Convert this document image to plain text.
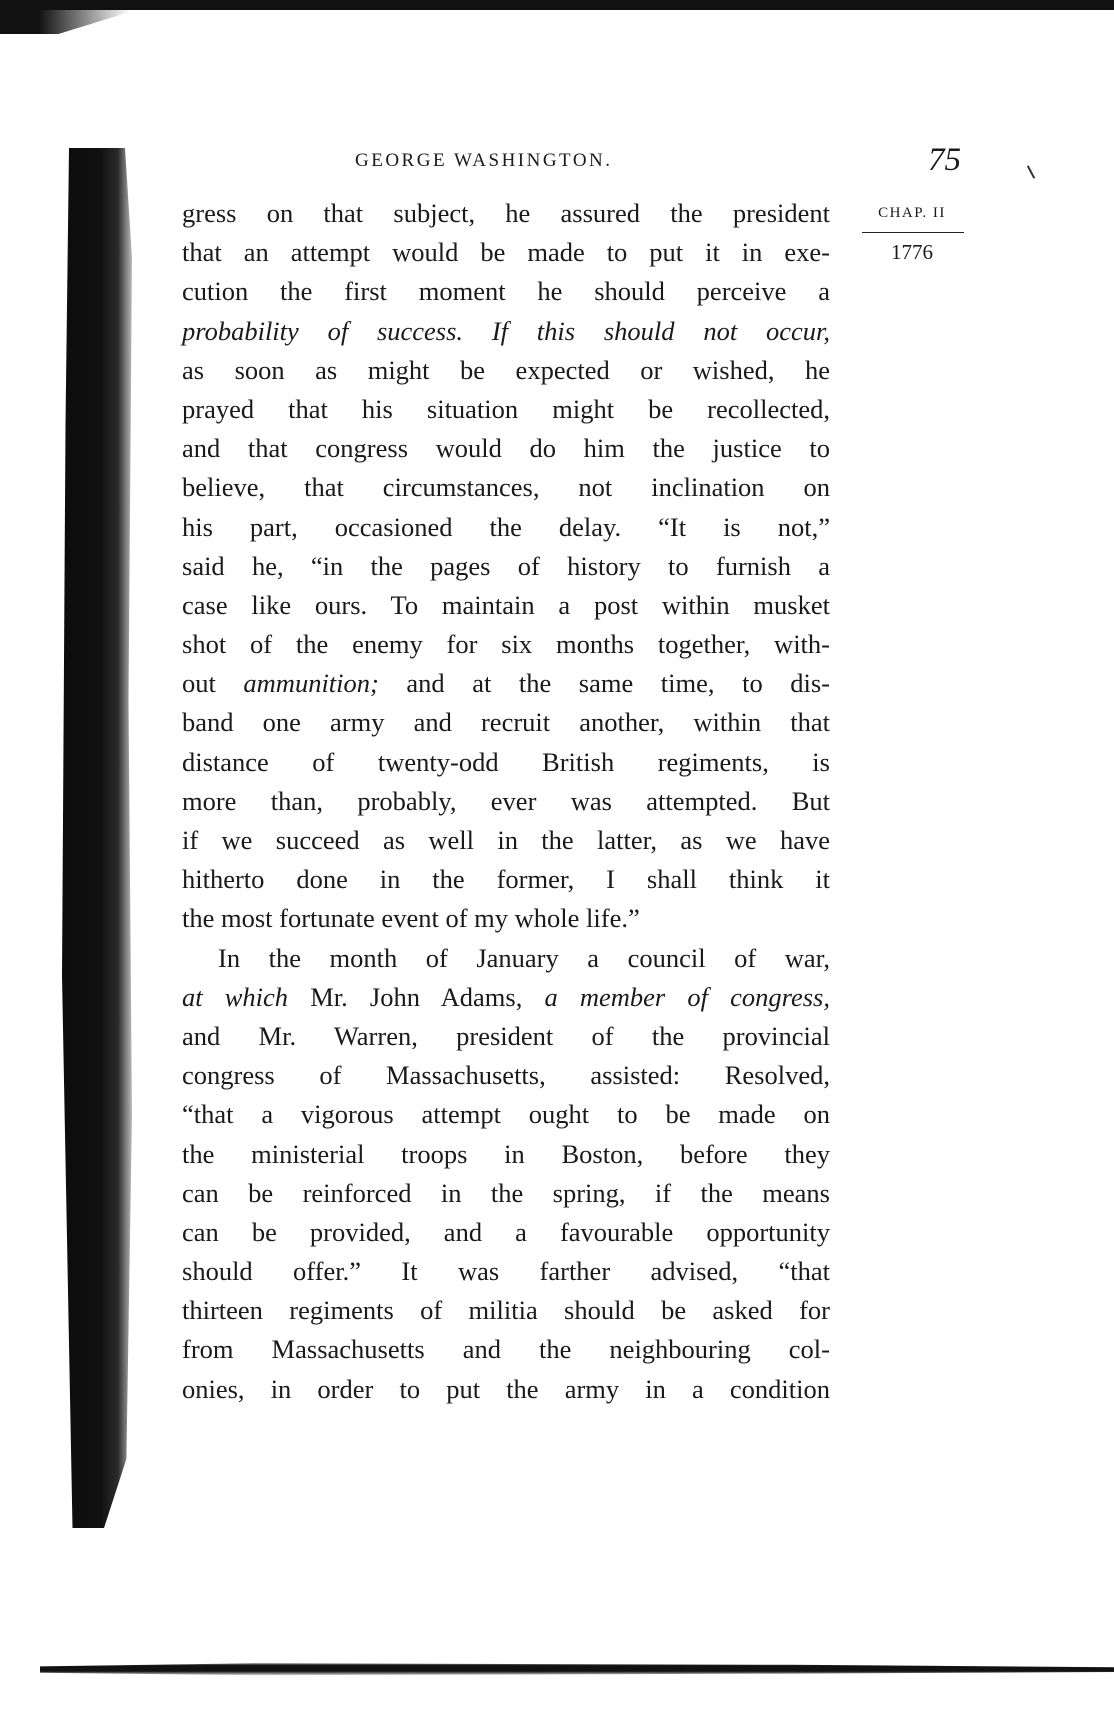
GEORGE WASHINGTON.	75
CHAP. II
1776
gress on that subject, he assured the president
that an attempt would be made to put it in exe-
cution the first moment he should perceive a
probability of success. If this should not occur,
as soon as might be expected or wished, he
prayed that his situation might be recollected,
and that congress would do him the justice to
believe, that circumstances, not inclination on
his part, occasioned the delay. “It is not,”
said he, “in the pages of history to furnish a
case like ours. To maintain a post within musket
shot of the enemy for six months together, with-
out ammunition; and at the same time, to dis-
band one army and recruit another, within that
distance of twenty-odd British regiments, is
more than, probably, ever was attempted. But
if we succeed as well in the latter, as we have
hitherto done in the former, I shall think it
the most fortunate event of my whole life.”
In the month of January a council of war,
at which Mr. John Adams, a member of congress,
and Mr. Warren, president of the provincial
congress of Massachusetts, assisted: Resolved,
“that a vigorous attempt ought to be made on
the ministerial troops in Boston, before they
can be reinforced in the spring, if the means
can be provided, and a favourable opportunity
should offer.” It was farther advised, “that
thirteen regiments of militia should be asked for
from Massachusetts and the neighbouring col-
onies, in order to put the army in a condition
